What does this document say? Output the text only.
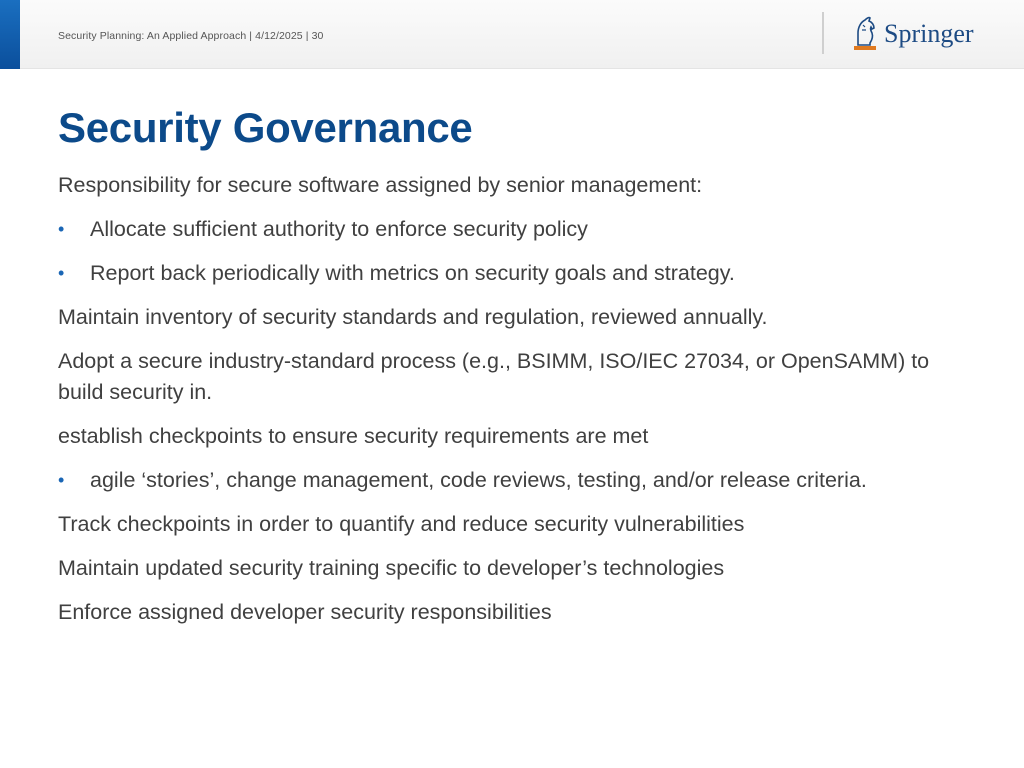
Security Planning: An Applied Approach | 4/12/2025 | 30	Springer
Security Governance
Responsibility for secure software assigned by senior management:
• Allocate sufficient authority to enforce security policy
• Report back periodically with metrics on security goals and strategy.
Maintain inventory of security standards and regulation, reviewed annually.
Adopt a secure industry-standard process (e.g., BSIMM, ISO/IEC 27034, or OpenSAMM) to build security in.
establish checkpoints to ensure security requirements are met
• agile ‘stories’, change management, code reviews, testing, and/or release criteria.
Track checkpoints in order to quantify and reduce security vulnerabilities
Maintain updated security training specific to developer’s technologies
Enforce assigned developer security responsibilities
